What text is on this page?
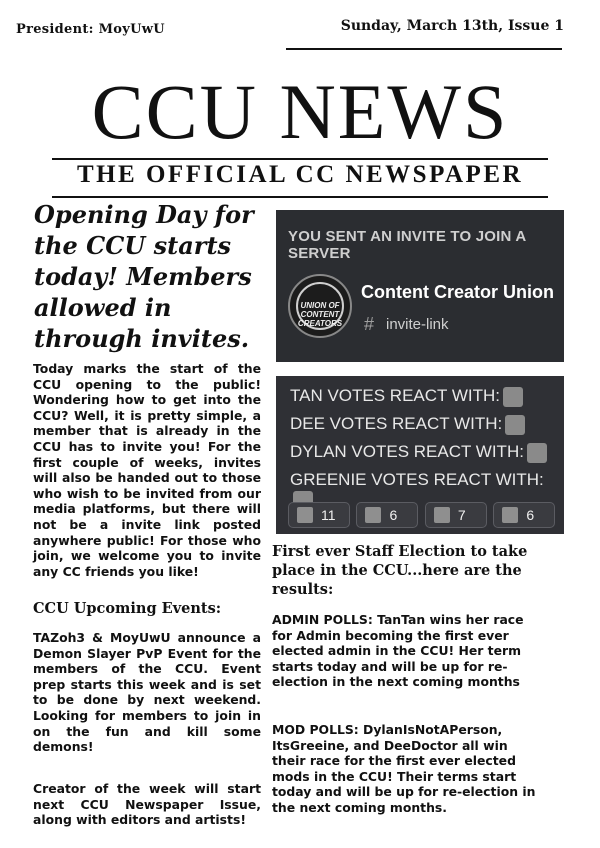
President: MoyUwU	Sunday, March 13th, Issue 1
CCU NEWS
THE OFFICIAL CC NEWSPAPER
Opening Day for the CCU starts today! Members allowed in through invites.
Today marks the start of the CCU opening to the public! Wondering how to get into the CCU? Well, it is pretty simple, a member that is already in the CCU has to invite you! For the first couple of weeks, invites will also be handed out to those who wish to be invited from our media platforms, but there will not be a invite link posted anywhere public! For those who join, we welcome you to invite any CC friends you like!
CCU Upcoming Events:
TAZoh3 & MoyUwU announce a Demon Slayer PvP Event for the members of the CCU. Event prep starts this week and is set to be done by next weekend. Looking for members to join in on the fun and kill some demons!
Creator of the week will start next CCU Newspaper Issue, along with editors and artists!
YOU SENT AN INVITE TO JOIN A SERVER
UNION OF CONTENT CREATORS
Content Creator Union
# invite-link
TAN VOTES REACT WITH:
DEE VOTES REACT WITH:
DYLAN VOTES REACT WITH:
GREENIE VOTES REACT WITH:
11
	6
	7
	6
First ever Staff Election to take place in the CCU...here are the results:
ADMIN POLLS: TanTan wins her race for Admin becoming the first ever elected admin in the CCU! Her term starts today and will be up for re-election in the next coming months
MOD POLLS: DylanIsNotAPerson, ItsGreeine, and DeeDoctor all win their race for the first ever elected mods in the CCU! Their terms start today and will be up for re-election in the next coming months.
